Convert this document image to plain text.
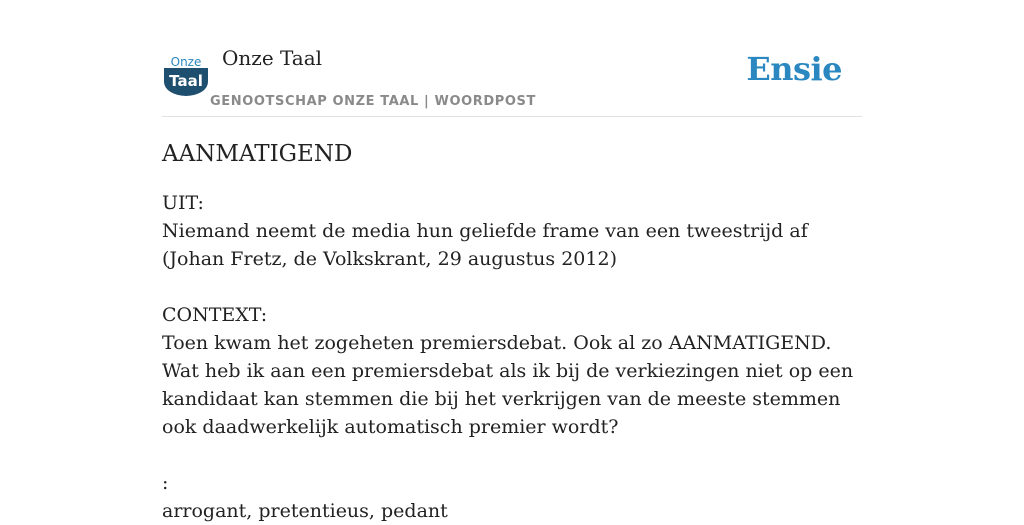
Onze
Taal
Onze Taal
GENOOTSCHAP ONZE TAAL | WOORDPOST
Ensie
AANMATIGEND

UIT:

Niemand neemt de media hun geliefde frame van een tweestrijd af (Johan Fretz, de Volkskrant, 29 augustus 2012)

CONTEXT:

Toen kwam het zogeheten premiersdebat. Ook al zo AANMATIGEND. Wat heb ik aan een premiersdebat als ik bij de verkiezingen niet op een kandidaat kan stemmen die bij het verkrijgen van de meeste stemmen ook daadwerkelijk automatisch premier wordt?

:

arrogant, pretentieus, pedant
